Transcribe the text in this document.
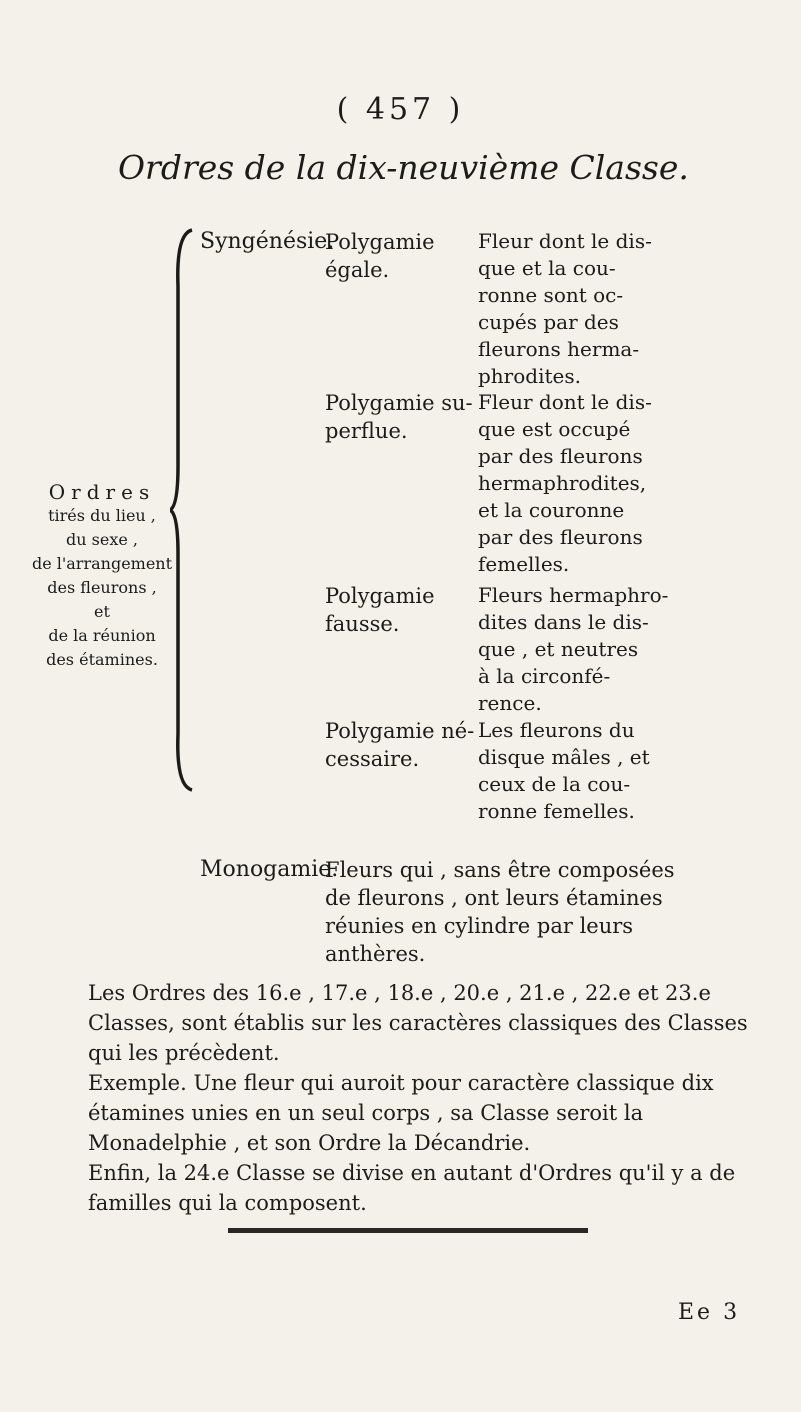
( 457 )
Ordres de la dix-neuvième Classe.
Ordres
tirés du lieu ,
du sexe ,
de l'arrangement
des fleurons ,
et
de la réunion
des étamines.
Syngénésie.
Polygamie
égale.
Fleur dont le dis-
que et la cou-
ronne sont oc-
cupés par des
fleurons herma-
phrodites.
Polygamie su-
perflue.
Fleur dont le dis-
que est occupé
par des fleurons
hermaphrodites,
et la couronne
par des fleurons
femelles.
Polygamie
fausse.
Fleurs hermaphro-
dites dans le dis-
que , et neutres
à la circonfé-
rence.
Polygamie né-
cessaire.
Les fleurons du
disque mâles , et
ceux de la cou-
ronne femelles.
Monogamie.
Fleurs qui , sans être composées
de fleurons , ont leurs étamines
réunies en cylindre par leurs
anthères.
Les Ordres des 16.e , 17.e , 18.e , 20.e , 21.e , 22.e et 23.e Classes, sont établis sur les caractères classiques des Classes qui les précèdent.
Exemple. Une fleur qui auroit pour caractère classique dix étamines unies en un seul corps , sa Classe seroit la Monadelphie , et son Ordre la Décandrie.
Enfin, la 24.e Classe se divise en autant d'Ordres qu'il y a de familles qui la composent.
Ee 3
